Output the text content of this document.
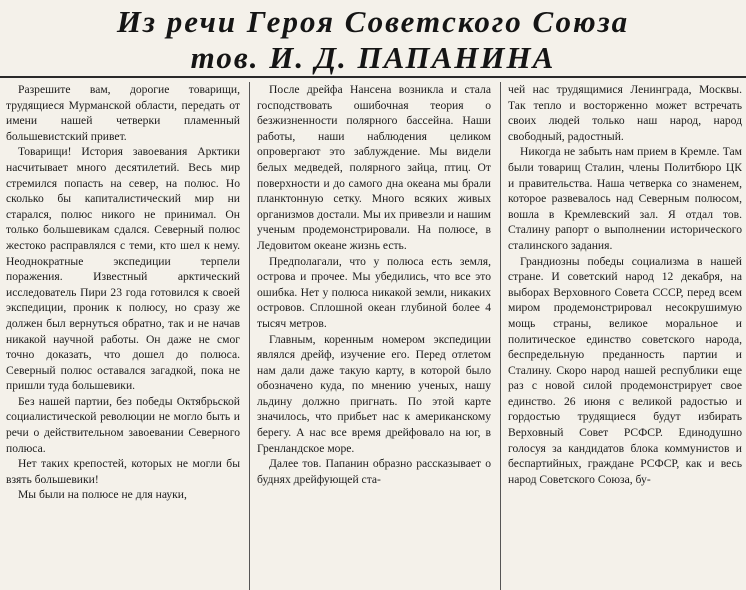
Из речи Героя Советского Союза
тов. И. Д. ПАПАНИНА

Разрешите вам, дорогие товарищи, трудящиеся Мурманской области, передать от имени нашей четверки пламенный большевистский привет.

Товарищи! История завоевания Арктики насчитывает много десятилетий. Весь мир стремился попасть на север, на полюс. Но сколько бы капиталистический мир ни старался, полюс никого не принимал. Он только большевикам сдался. Северный полюс жестоко расправлялся с теми, кто шел к нему. Неоднократные экспедиции терпели поражения. Известный арктический исследователь Пири 23 года готовился к своей экспедиции, проник к полюсу, но сразу же должен был вернуться обратно, так и не начав никакой научной работы. Он даже не смог точно доказать, что дошел до полюса. Северный полюс оставался загадкой, пока не пришли туда большевики.

Без нашей партии, без победы Октябрьской социалистической революции не могло быть и речи о действительном завоевании Северного полюса.

Нет таких крепостей, которых не могли бы взять большевики!

Мы были на полюсе не для науки,

После дрейфа Нансена возникла и стала господствовать ошибочная теория о безжизненности полярного бассейна. Наши работы, наши наблюдения целиком опровергают это заблуждение. Мы видели белых медведей, полярного зайца, птиц. От поверхности и до самого дна океана мы брали планктонную сетку. Много всяких живых организмов достали. Мы их привезли и нашим ученым продемонстрировали. На полюсе, в Ледовитом океане жизнь есть.

Предполагали, что у полюса есть земля, острова и прочее. Мы убедились, что все это ошибка. Нет у полюса никакой земли, никаких островов. Сплошной океан глубиной более 4 тысяч метров.

Главным, коренным номером экспедиции являлся дрейф, изучение его. Перед отлетом нам дали даже такую карту, в которой было обозначено куда, по мнению ученых, нашу льдину должно пригнать. По этой карте значилось, что прибьет нас к американскому берегу. А нас все время дрейфовало на юг, в Гренландское море.

Далее тов. Папанин образно рассказывает о буднях дрейфующей ста-

чей нас трудящимися Ленинграда, Москвы. Так тепло и восторженно может встречать своих людей только наш народ, народ свободный, радостный.

Никогда не забыть нам прием в Кремле. Там были товарищ Сталин, члены Политбюро ЦК и правительства. Наша четверка со знаменем, которое развевалось над Северным полюсом, вошла в Кремлевский зал. Я отдал тов. Сталину рапорт о выполнении исторического сталинского задания.

Грандиозны победы социализма в нашей стране. И советский народ 12 декабря, на выборах Верховного Совета СССР, перед всем миром продемонстрировал несокрушимую мощь страны, великое моральное и политическое единство советского народа, беспредельную преданность партии и Сталину. Скоро народ нашей республики еще раз с новой силой продемонстрирует свое единство. 26 июня с великой радостью и гордостью трудящиеся будут избирать Верховный Совет РСФСР. Единодушно голосуя за кандидатов блока коммунистов и беспартийных, граждане РСФСР, как и весь народ Советского Союза, бу-
